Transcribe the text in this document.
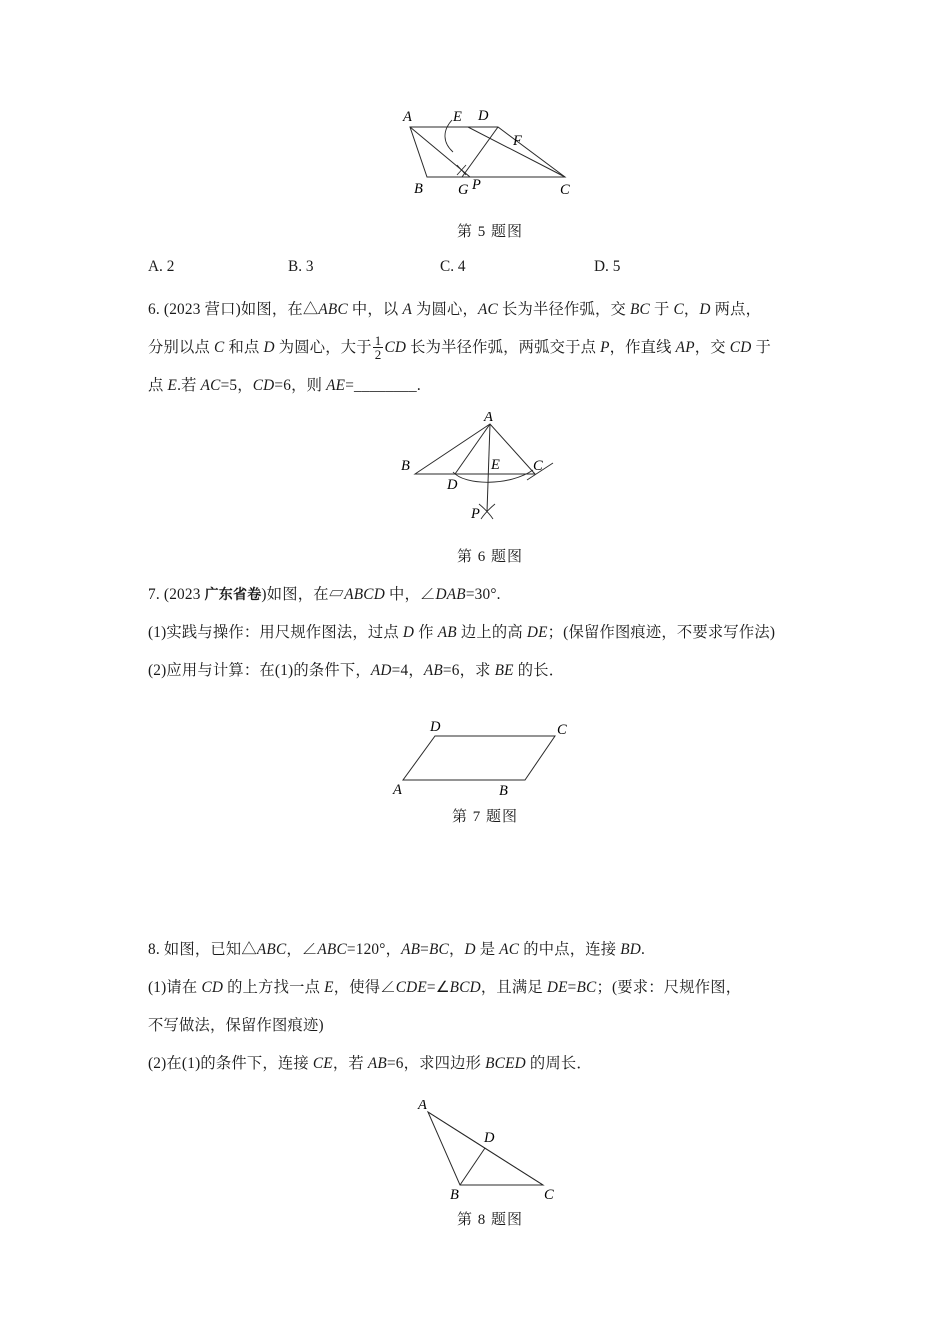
A	E D
F
B G P	C
第 5 题图
A. 2	B. 3	C. 4	D. 5

6. (2023 营口)如图，在△ABC 中，以 A 为圆心，AC 长为半径作弧，交 BC 于 C，D 两点，

分别以点 C 和点 D 为圆心，大于 $\frac{1}{2}$ CD 长为半径作弧，两弧交于点 P，作直线 AP，交 CD 于

点 E.若 AC=5，CD=6，则 AE=________.

A
B
D
E C
P
第 6 题图

7. (2023 广东省卷)如图，在▱ABCD 中，∠DAB=30°.

(1)实践与操作：用尺规作图法，过点 D 作 AB 边上的高 DE；(保留作图痕迹，不要求写作法)

(2)应用与计算：在(1)的条件下，AD=4，AB=6，求 BE 的长．

D	C
A	B
第 7 题图

8. 如图，已知△ABC，∠ABC=120°，AB=BC，D 是 AC 的中点，连接 BD.

(1)请在 CD 的上方找一点 E，使得∠CDE=∠BCD，且满足 DE=BC；(要求：尺规作图，

不写做法，保留作图痕迹)

(2)在(1)的条件下，连接 CE，若 AB=6，求四边形 BCED 的周长．

A
D
B	C
第 8 题图
